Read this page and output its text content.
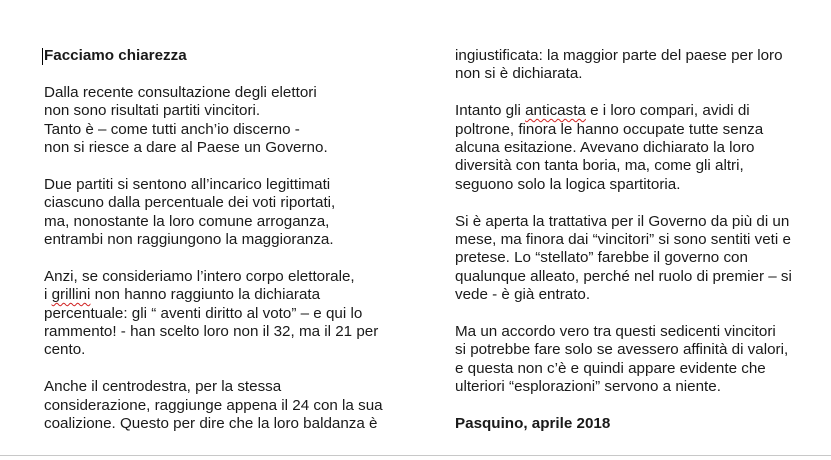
Facciamo chiarezza
Dalla recente consultazione degli elettori
non sono risultati partiti vincitori.
Tanto è – come tutti anch’io discerno -
non si riesce a dare al Paese un Governo.
Due partiti si sentono all’incarico legittimati
ciascuno dalla percentuale dei voti riportati,
ma, nonostante la loro comune arroganza,
entrambi non raggiungono la maggioranza.
Anzi, se consideriamo l’intero corpo elettorale,
i grillini non hanno raggiunto la dichiarata
percentuale: gli “ aventi diritto al voto” – e qui lo
rammento! - han scelto loro non il 32, ma il 21 per
cento.
Anche il centrodestra, per la stessa
considerazione, raggiunge appena il 24 con la sua
coalizione. Questo per dire che la loro baldanza è
ingiustificata: la maggior parte del paese per loro
non si è dichiarata.
Intanto gli anticasta e i loro compari, avidi di
poltrone, finora le hanno occupate tutte senza
alcuna esitazione. Avevano dichiarato la loro
diversità con tanta boria, ma, come gli altri,
seguono solo la logica spartitoria.
Si è aperta la trattativa per il Governo da più di un
mese, ma finora dai “vincitori” si sono sentiti veti e
pretese. Lo “stellato” farebbe il governo con
qualunque alleato, perché nel ruolo di premier – si
vede - è già entrato.
Ma un accordo vero tra questi sedicenti vincitori
si potrebbe fare solo se avessero affinità di valori,
e questa non c’è e quindi appare evidente che
ulteriori “esplorazioni” servono a niente.
Pasquino, aprile 2018
